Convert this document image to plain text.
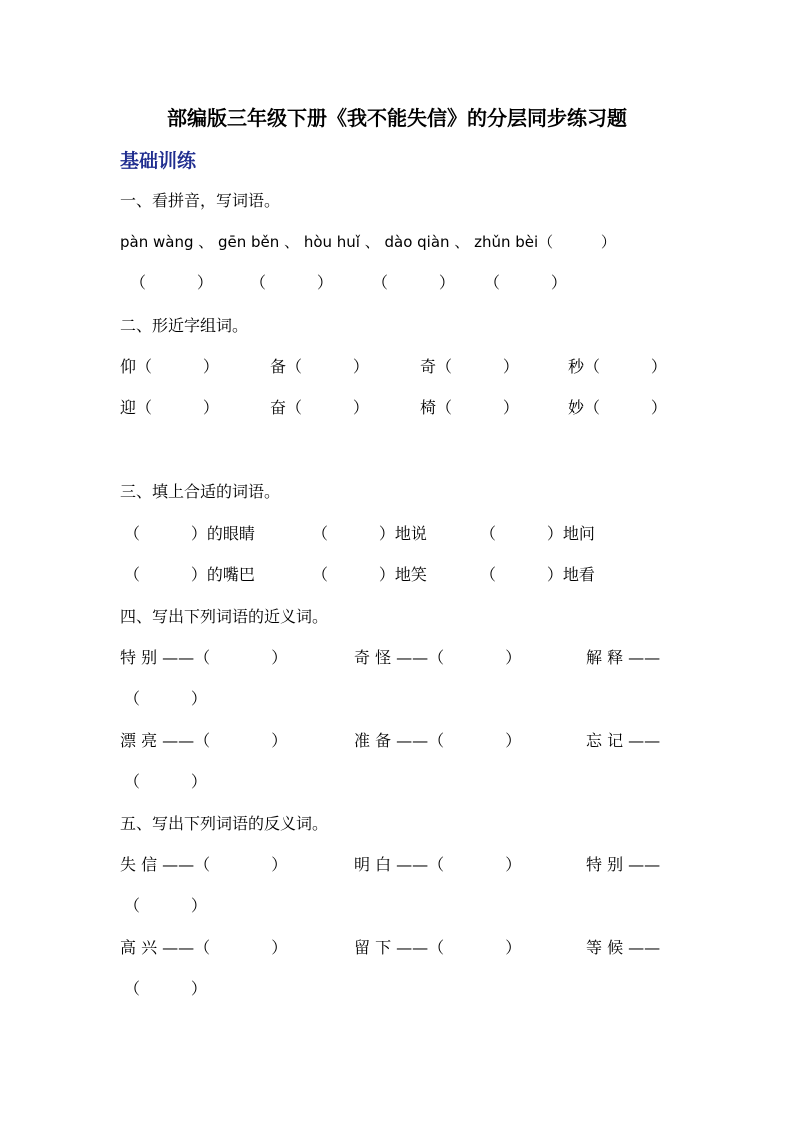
部编版三年级下册《我不能失信》的分层同步练习题
基础训练
一、看拼音，写词语。
pàn wàng 、 gēn běn 、 hòu huǐ 、 dào qiàn 、 zhǔn bèi（          ）
（          ） （          ） （          ） （          ）
二、形近字组词。
仰（          ）	备（          ）	奇（          ）	秒（          ）
迎（          ）	奋（          ）	椅（          ）	妙（          ）
三、填上合适的词语。
（          ）的眼睛	（          ）地说	（          ）地问
（          ）的嘴巴	（          ）地笑	（          ）地看
四、写出下列词语的近义词。
特 别 ——（            ）	奇 怪 ——（            ）	解 释 ——
（          ）
漂 亮 ——（            ）	准 备 ——（            ）	忘 记 ——
（          ）
五、写出下列词语的反义词。
失 信 ——（            ）	明 白 ——（            ）	特 别 ——
（          ）
高 兴 ——（            ）	留 下 ——（            ）	等 候 ——
（          ）
